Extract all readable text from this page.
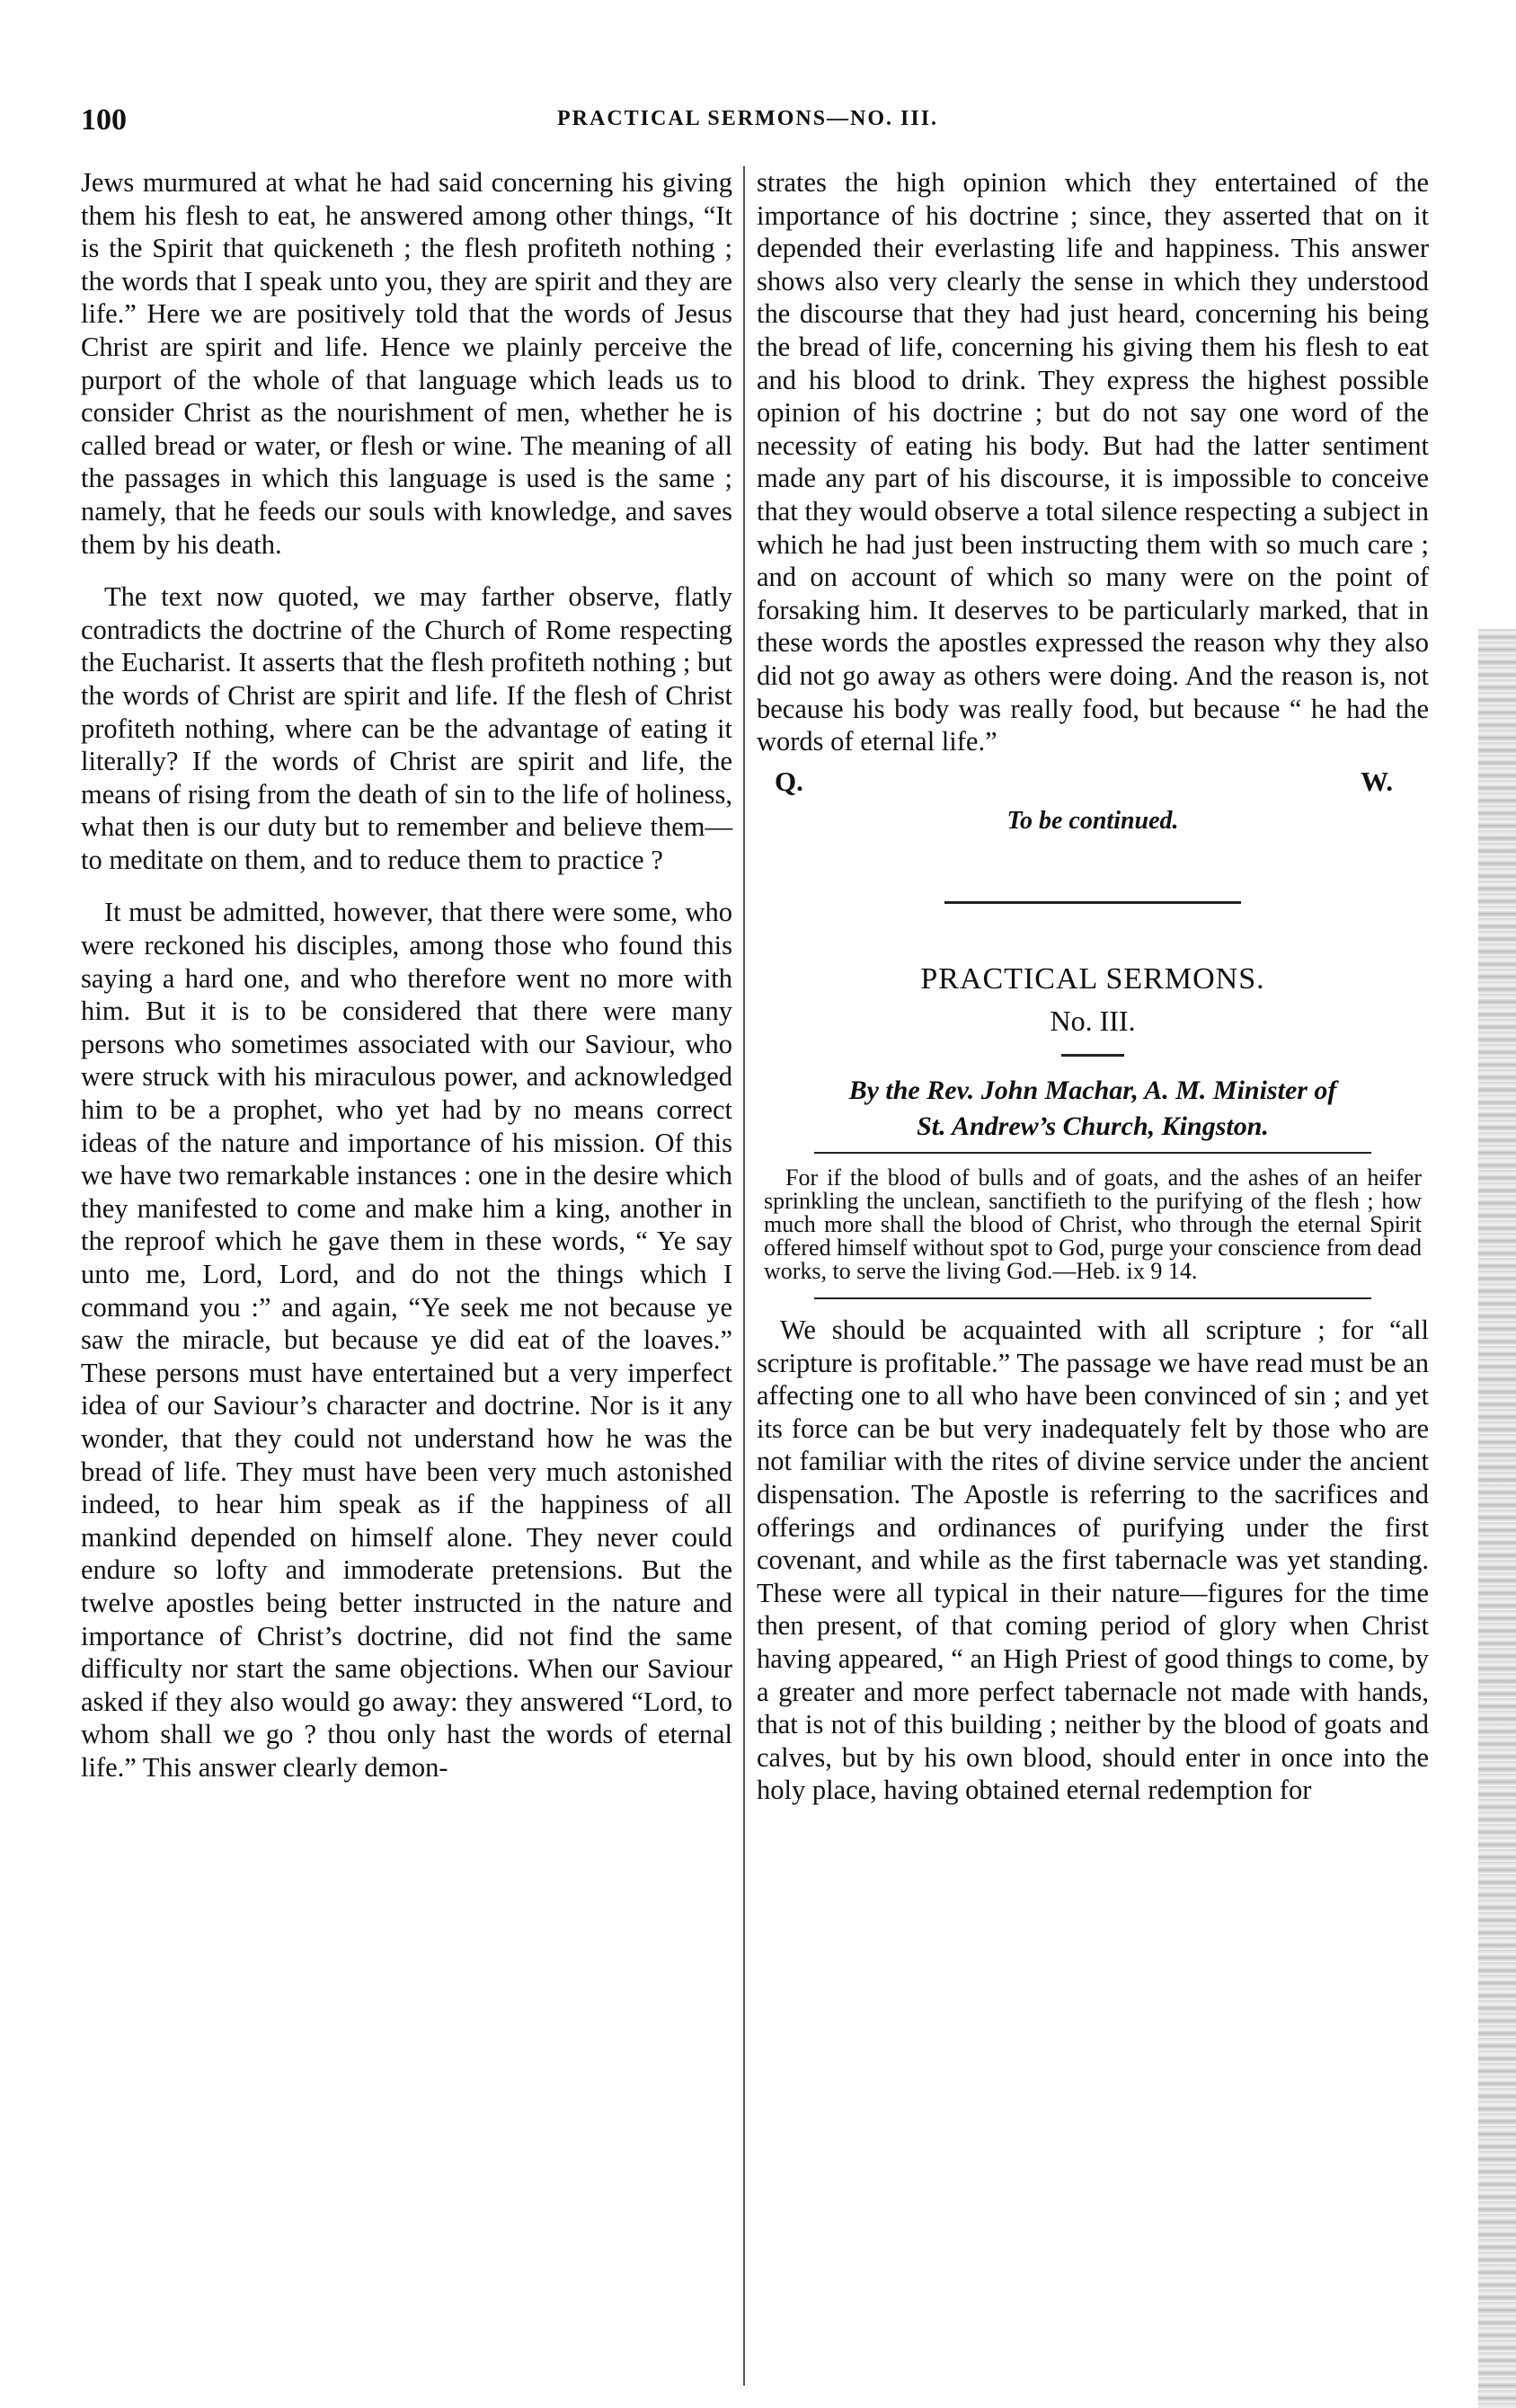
100	PRACTICAL SERMONS—NO. III.

Jews murmured at what he had said concerning his giving them his flesh to eat, he answered among other things, “It is the Spirit that quickeneth ; the flesh profiteth nothing ; the words that I speak unto you, they are spirit and they are life.” Here we are positively told that the words of Jesus Christ are spirit and life. Hence we plainly perceive the purport of the whole of that language which leads us to consider Christ as the nourishment of men, whether he is called bread or water, or flesh or wine. The meaning of all the passages in which this language is used is the same ; namely, that he feeds our souls with knowledge, and saves them by his death.

The text now quoted, we may farther observe, flatly contradicts the doctrine of the Church of Rome respecting the Eucharist. It asserts that the flesh profiteth nothing ; but the words of Christ are spirit and life. If the flesh of Christ profiteth nothing, where can be the advantage of eating it literally? If the words of Christ are spirit and life, the means of rising from the death of sin to the life of holiness, what then is our duty but to remember and believe them—to meditate on them, and to reduce them to practice ?

It must be admitted, however, that there were some, who were reckoned his disciples, among those who found this saying a hard one, and who therefore went no more with him. But it is to be considered that there were many persons who sometimes associated with our Saviour, who were struck with his miraculous power, and acknowledged him to be a prophet, who yet had by no means correct ideas of the nature and importance of his mission. Of this we have two remarkable instances : one in the desire which they manifested to come and make him a king, another in the reproof which he gave them in these words, “ Ye say unto me, Lord, Lord, and do not the things which I command you :” and again, “Ye seek me not because ye saw the miracle, but because ye did eat of the loaves.” These persons must have entertained but a very imperfect idea of our Saviour’s character and doctrine. Nor is it any wonder, that they could not understand how he was the bread of life. They must have been very much astonished indeed, to hear him speak as if the happiness of all mankind depended on himself alone. They never could endure so lofty and immoderate pretensions. But the twelve apostles being better instructed in the nature and importance of Christ’s doctrine, did not find the same difficulty nor start the same objections. When our Saviour asked if they also would go away: they answered “Lord, to whom shall we go ? thou only hast the words of eternal life.” This answer clearly demon-

strates the high opinion which they entertained of the importance of his doctrine ; since, they asserted that on it depended their everlasting life and happiness. This answer shows also very clearly the sense in which they understood the discourse that they had just heard, concerning his being the bread of life, concerning his giving them his flesh to eat and his blood to drink. They express the highest possible opinion of his doctrine ; but do not say one word of the necessity of eating his body. But had the latter sentiment made any part of his discourse, it is impossible to conceive that they would observe a total silence respecting a subject in which he had just been instructing them with so much care ; and on account of which so many were on the point of forsaking him. It deserves to be particularly marked, that in these words the apostles expressed the reason why they also did not go away as others were doing. And the reason is, not because his body was really food, but because “ he had the words of eternal life.”

Q.	W.
To be continued.
PRACTICAL SERMONS.
No. III.
By the Rev. John Machar, A. M. Minister of
St. Andrew’s Church, Kingston.

For if the blood of bulls and of goats, and the ashes of an heifer sprinkling the unclean, sanctifieth to the purifying of the flesh ; how much more shall the blood of Christ, who through the eternal Spirit offered himself without spot to God, purge your conscience from dead works, to serve the living God.—Heb. ix 9 14.

We should be acquainted with all scripture ; for “all scripture is profitable.” The passage we have read must be an affecting one to all who have been convinced of sin ; and yet its force can be but very inadequately felt by those who are not familiar with the rites of divine service under the ancient dispensation. The Apostle is referring to the sacrifices and offerings and ordinances of purifying under the first covenant, and while as the first tabernacle was yet standing. These were all typical in their nature—figures for the time then present, of that coming period of glory when Christ having appeared, “ an High Priest of good things to come, by a greater and more perfect tabernacle not made with hands, that is not of this building ; neither by the blood of goats and calves, but by his own blood, should enter in once into the holy place, having obtained eternal redemption for
